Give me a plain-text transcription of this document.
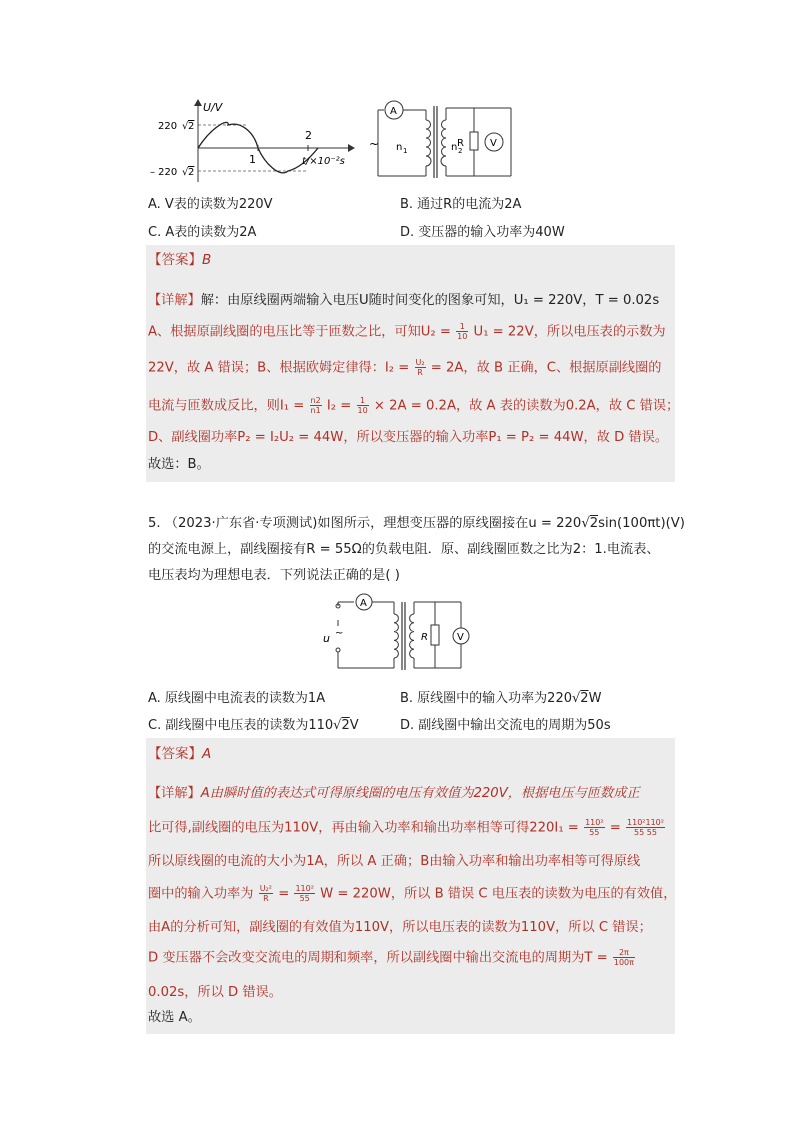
U/V
220 2
√
– 220 √ 2
1
2
t/×10⁻²s
A
~ n 1	n 2
R	V
A. V表的读数为220V	B. 通过R的电流为2A
C. A表的读数为2A	D. 变压器的输入功率为40W
【答案】B
【详解】解：由原线圈两端输入电压U随时间变化的图象可知，U₁ = 220V，T = 0.02s
A、根据原副线圈的电压比等于匝数之比，可知$U_2 = \frac{1}{10} U_1 = 22V$，所以电压表的示数为
22V，故 A 错误；B、根据欧姆定律得：$I_2 = \frac{\text{U₂}}{R} = 2A$，故 B 正确，C、根据原副线圈的
电流与匝数成反比，则$I_1 = \frac{n2}{n1} I_2 = \frac{1}{10} \times 2A = 0.2A$，故 A 表的读数为0.2A，故 C 错误；
D、副线圈功率P₂ = I₂U₂ = 44W，所以变压器的输入功率P₁ = P₂ = 44W，故 D 错误。
故选：B。
5. （2023·广东省·专项测试)如图所示，理想变压器的原线圈接在u = 220√2sin(100πt)(V)
的交流电源上，副线圈接有R = 55Ω的负载电阻．原、副线圈匝数之比为2：1.电流表、
电压表均为理想电表．下列说法正确的是( )
A
u ~	R	V
A. 原线圈中电流表的读数为1A	B. 原线圈中的输入功率为220√2W
C. 副线圈中电压表的读数为110√2V	D. 副线圈中输出交流电的周期为50s
【答案】A
【详解】A由瞬时值的表达式可得原线圈的电压有效值为220V，根据电压与匝数成正
比可得,副线圈的电压为110V，再由输入功率和输出功率相等可得$220I_1 = \frac{\text{110²}}{55} = \frac{\text{110²110²}}{55 55}$
所以原线圈的电流的大小为1A，所以 A 正确；B由输入功率和输出功率相等可得原线
圈中的输入功率为 $\frac{\text{U₂²}}{R} = \frac{\text{110²}}{55}$ W = 220W，所以 B 错误 C 电压表的读数为电压的有效值，
由A的分析可知，副线圈的有效值为110V，所以电压表的读数为110V，所以 C 错误；
D 变压器不会改变交流电的周期和频率，所以副线圈中输出交流电的周期为$T = \frac{2\pi}{100\pi}$
0.02s，所以 D 错误。
故选 A。
